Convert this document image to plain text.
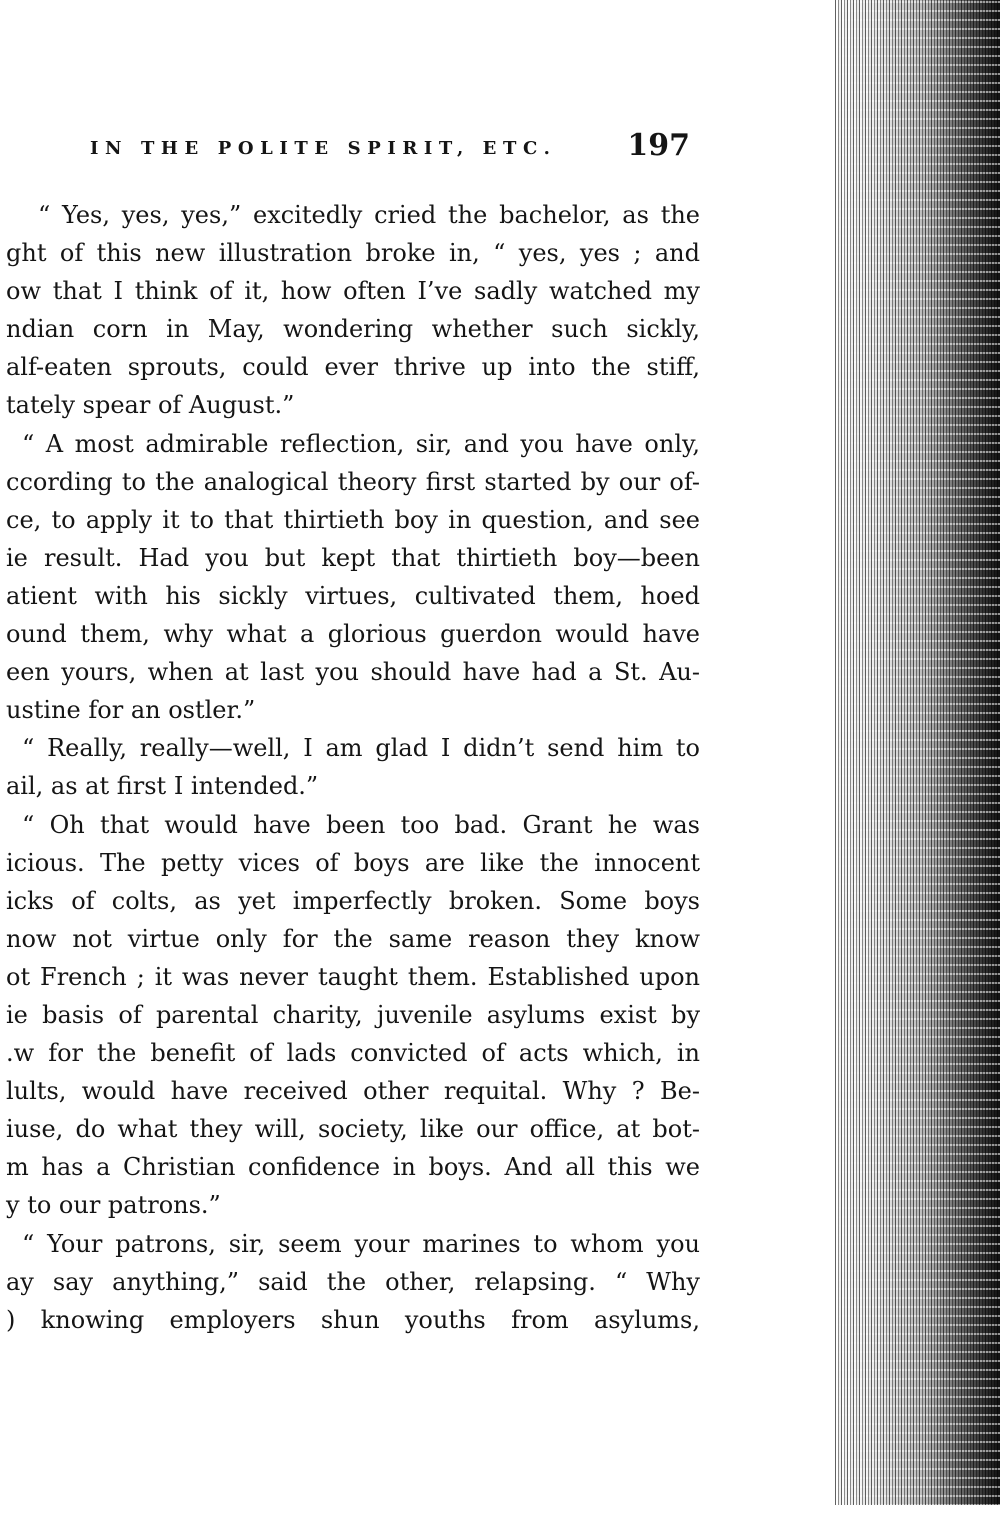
IN THE POLITE SPIRIT, ETC. 197
“ Yes, yes, yes,” excitedly cried the bachelor, as the
ght of this new illustration broke in, “ yes, yes ; and
ow that I think of it, how often I’ve sadly watched my
ndian corn in May, wondering whether such sickly,
alf-eaten sprouts, could ever thrive up into the stiff,
tately spear of August.”
“ A most admirable reflection, sir, and you have only,
ccording to the analogical theory first started by our of-
ce, to apply it to that thirtieth boy in question, and see
ie result. Had you but kept that thirtieth boy—been
atient with his sickly virtues, cultivated them, hoed
ound them, why what a glorious guerdon would have
een yours, when at last you should have had a St. Au-
ustine for an ostler.”
“ Really, really—well, I am glad I didn’t send him to
ail, as at first I intended.”
“ Oh that would have been too bad. Grant he was
icious. The petty vices of boys are like the innocent
icks of colts, as yet imperfectly broken. Some boys
now not virtue only for the same reason they know
ot French ; it was never taught them. Established upon
ie basis of parental charity, juvenile asylums exist by
.w for the benefit of lads convicted of acts which, in
lults, would have received other requital. Why ? Be-
iuse, do what they will, society, like our office, at bot-
m has a Christian confidence in boys. And all this we
y to our patrons.”
“ Your patrons, sir, seem your marines to whom you
ay say anything,” said the other, relapsing. “ Why
) knowing employers shun youths from asylums,
